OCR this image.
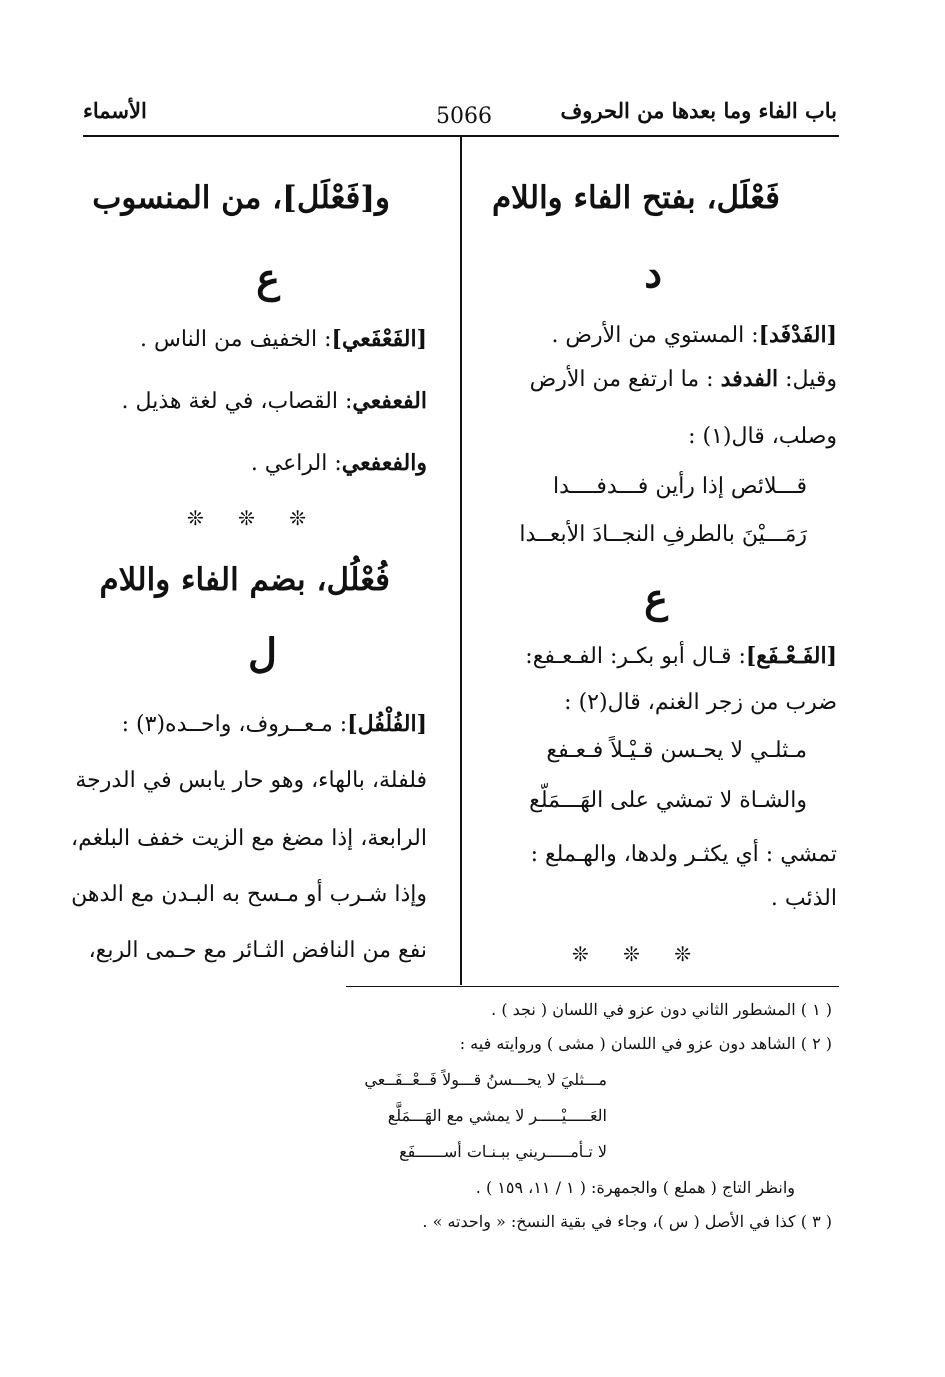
باب الفاء وما بعدها من الحروف
5066
الأسماء
فَعْلَل، بفتح الفاء واللام
د
[الفَدْفَد]: المستوي من الأرض .
وقيل: الفدفد : ما ارتفع من الأرض
وصلب، قال(١) :
قـــلائص إذا رأين فـــدفــــدا
رَمَـــيْنَ بالطرفِ النجــادَ الأبعــدا
ع
[الفَـعْـفَع]: قـال أبو بكـر: الفـعـفع:
ضرب من زجر الغنم، قال(٢) :
مـثلـي لا يحـسن قـيْـلاً فـعـفع
والشـاة لا تمشي على الهَـــمَلّع
تمشي : أي يكثـر ولدها، والهـملع :
الذئب .
❊ ❊ ❊
و[فَعْلَل]، من المنسوب
ع
[الفَعْفَعي]: الخفيف من الناس .
الفعفعي: القصاب، في لغة هذيل .
والفعفعي: الراعي .
❊ ❊ ❊
فُعْلُل، بضم الفاء واللام
ل
[الفُلْفُل]: مـعــروف، واحــده(٣) :
فلفلة، بالهاء، وهو حار يابس في الدرجة
الرابعة، إذا مضغ مع الزيت خفف البلغم،
وإذا شـرب أو مـسح به البـدن مع الدهن
نفع من النافض الثـائر مع حـمى الربع،
( ١ ) المشطور الثاني دون عزو في اللسان ( نجد ) .
( ٢ ) الشاهد دون عزو في اللسان ( مشى ) وروايته فيه :
مـــثليَ لا يحـــسنُ قـــولاً فَــعْــفَــعي
العَـــــيْـــــر لا يمشي مع الهَـــمَلَّع
لا تـأمـــــريني ببـنـات أســــــفَع
وانظر التاج ( هملع ) والجمهرة: ( ١ / ١١، ١٥٩ ) .
( ٣ ) كذا في الأصل ( س )، وجاء في بقية النسخ: « واحدته » .
